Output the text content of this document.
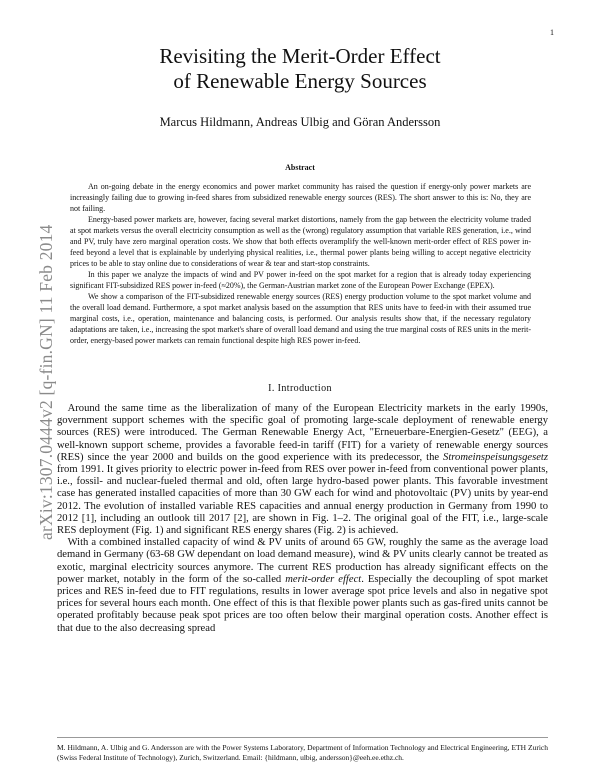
1
arXiv:1307.0444v2 [q-fin.GN] 11 Feb 2014
Revisiting the Merit-Order Effect
of Renewable Energy Sources
Marcus Hildmann, Andreas Ulbig and Göran Andersson
Abstract

An on-going debate in the energy economics and power market community has raised the question if energy-only power markets are increasingly failing due to growing in-feed shares from subsidized renewable energy sources (RES). The short answer to this is: No, they are not failing.

Energy-based power markets are, however, facing several market distortions, namely from the gap between the electricity volume traded at spot markets versus the overall electricity consumption as well as the (wrong) regulatory assumption that variable RES generation, i.e., wind and PV, truly have zero marginal operation costs. We show that both effects overamplify the well-known merit-order effect of RES power in-feed beyond a level that is explainable by underlying physical realities, i.e., thermal power plants being willing to accept negative electricity prices to be able to stay online due to considerations of wear & tear and start-stop constraints.

In this paper we analyze the impacts of wind and PV power in-feed on the spot market for a region that is already today experiencing significant FIT-subsidized RES power in-feed (≈20%), the German-Austrian market zone of the European Power Exchange (EPEX).

We show a comparison of the FIT-subsidized renewable energy sources (RES) energy production volume to the spot market volume and the overall load demand. Furthermore, a spot market analysis based on the assumption that RES units have to feed-in with their assumed true marginal costs, i.e., operation, maintenance and balancing costs, is performed. Our analysis results show that, if the necessary regulatory adaptations are taken, i.e., increasing the spot market's share of overall load demand and using the true marginal costs of RES units in the merit-order, energy-based power markets can remain functional despite high RES power in-feed.

I. Introduction

 Around the same time as the liberalization of many of the European Electricity markets in the early 1990s, government support schemes with the specific goal of promoting large-scale deployment of renewable energy sources (RES) were introduced. The German Renewable Energy Act, "Erneuerbare-Energien-Gesetz" (EEG), a well-known support scheme, provides a favorable feed-in tariff (FIT) for a variety of renewable energy sources (RES) since the year 2000 and builds on the good experience with its predecessor, the Stromeinspeisungsgesetz from 1991. It gives priority to electric power in-feed from RES over power in-feed from conventional power plants, i.e., fossil- and nuclear-fueled thermal and old, often large hydro-based power plants. This favorable investment case has generated installed capacities of more than 30 GW each for wind and photovoltaic (PV) units by year-end 2012. The evolution of installed variable RES capacities and annual energy production in Germany from 1990 to 2012 [1], including an outlook till 2017 [2], are shown in Fig. 1–2. The original goal of the FIT, i.e., large-scale RES deployment (Fig. 1) and significant RES energy shares (Fig. 2) is achieved.

 With a combined installed capacity of wind & PV units of around 65 GW, roughly the same as the average load demand in Germany (63-68 GW dependant on load demand measure), wind & PV units clearly cannot be treated as exotic, marginal electricity sources anymore. The current RES production has already significant effects on the power market, notably in the form of the so-called merit-order effect. Especially the decoupling of spot market prices and RES in-feed due to FIT regulations, results in lower average spot price levels and also in negative spot prices for several hours each month. One effect of this is that flexible power plants such as gas-fired units cannot be operated profitably because peak spot prices are too often below their marginal operation costs. Another effect is that due to the also decreasing spread

M. Hildmann, A. Ulbig and G. Andersson are with the Power Systems Laboratory, Department of Information Technology and Electrical Engineering, ETH Zurich (Swiss Federal Institute of Technology), Zurich, Switzerland. Email: {hildmann, ulbig, andersson}@eeh.ee.ethz.ch.
